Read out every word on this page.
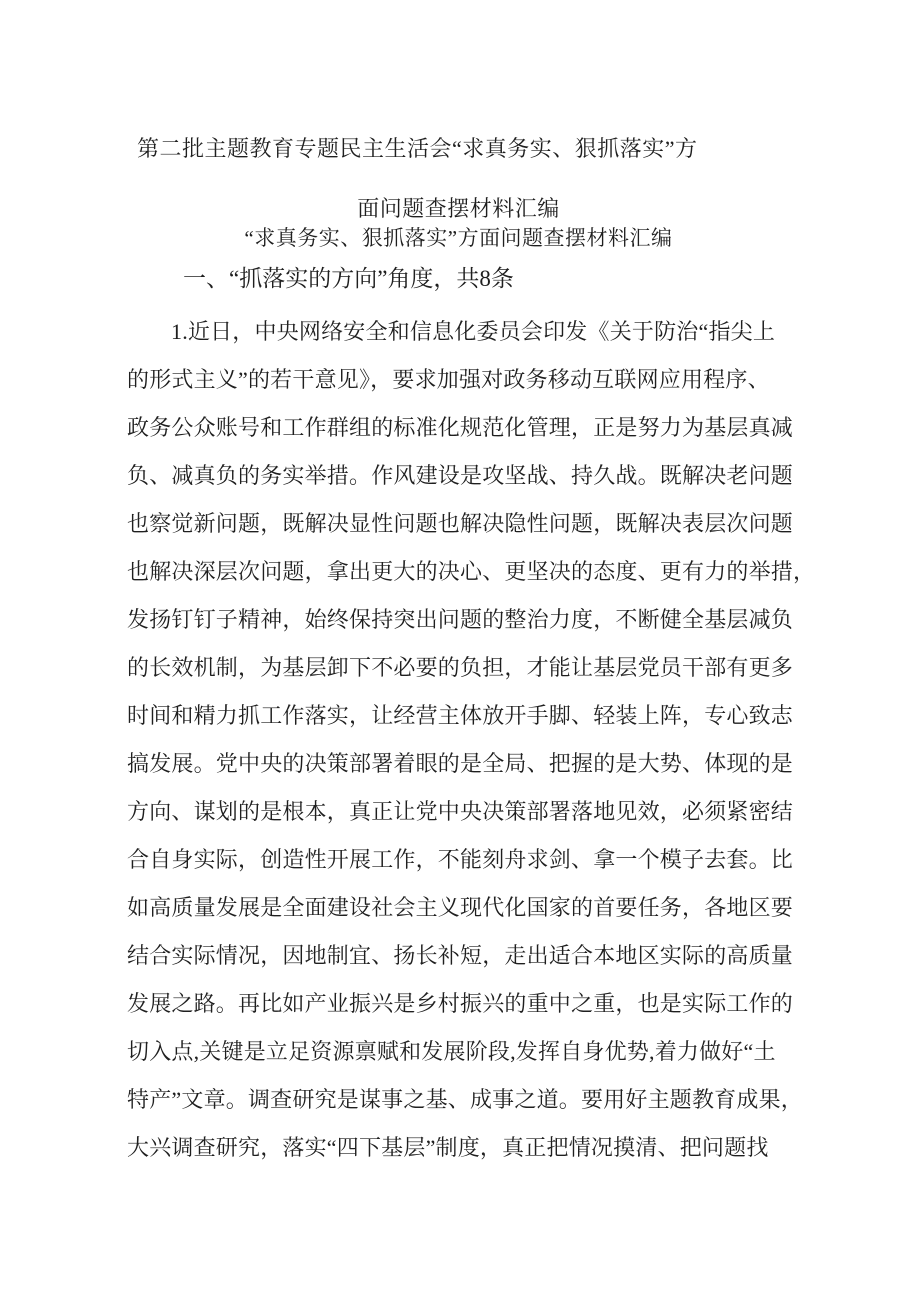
第二批主题教育专题民主生活会“求真务实、狠抓落实”方
面问题查摆材料汇编
“求真务实、狠抓落实”方面问题查摆材料汇编
一、“抓落实的方向”角度，共8条
1.近日，中央网络安全和信息化委员会印发《关于防治“指尖上
的形式主义”的若干意见》，要求加强对政务移动互联网应用程序、
政务公众账号和工作群组的标准化规范化管理，正是努力为基层真减
负、减真负的务实举措。作风建设是攻坚战、持久战。既解决老问题
也察觉新问题，既解决显性问题也解决隐性问题，既解决表层次问题
也解决深层次问题，拿出更大的决心、更坚决的态度、更有力的举措，
发扬钉钉子精神，始终保持突出问题的整治力度，不断健全基层减负
的长效机制，为基层卸下不必要的负担，才能让基层党员干部有更多
时间和精力抓工作落实，让经营主体放开手脚、轻装上阵，专心致志
搞发展。党中央的决策部署着眼的是全局、把握的是大势、体现的是
方向、谋划的是根本，真正让党中央决策部署落地见效，必须紧密结
合自身实际，创造性开展工作，不能刻舟求剑、拿一个模子去套。比
如高质量发展是全面建设社会主义现代化国家的首要任务，各地区要
结合实际情况，因地制宜、扬长补短，走出适合本地区实际的高质量
发展之路。再比如产业振兴是乡村振兴的重中之重，也是实际工作的
切入点,关键是立足资源禀赋和发展阶段,发挥自身优势,着力做好“土
特产”文章。调查研究是谋事之基、成事之道。要用好主题教育成果，
大兴调查研究，落实“四下基层”制度，真正把情况摸清、把问题找
